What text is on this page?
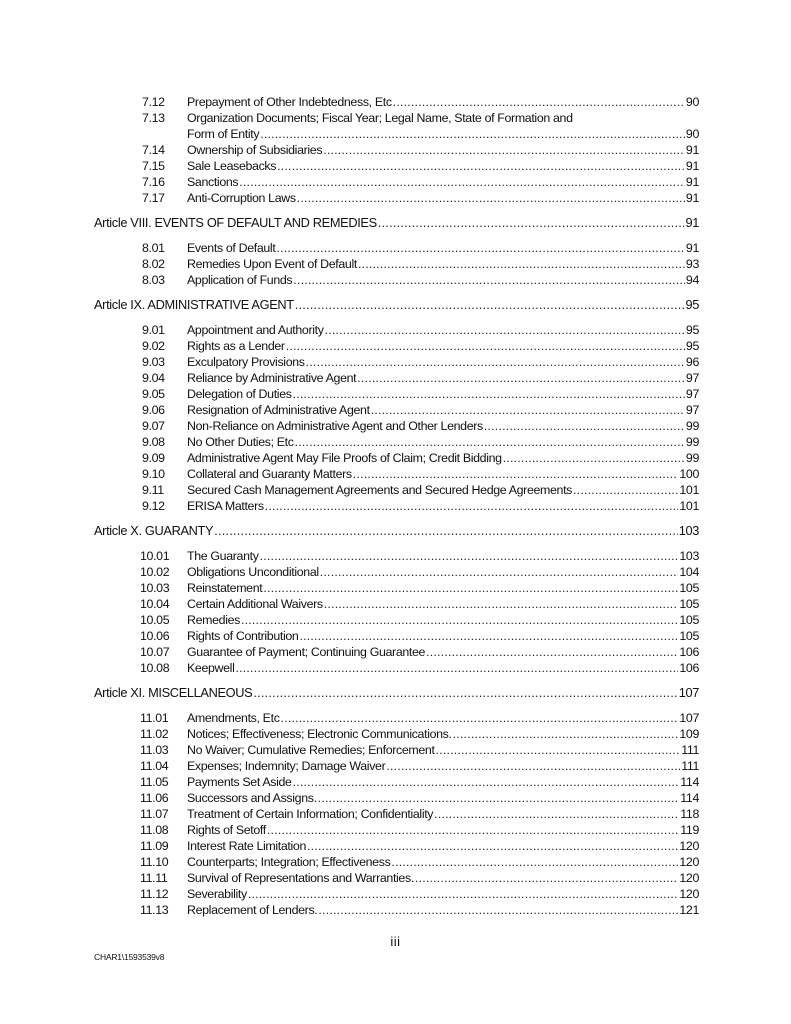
7.12	Prepayment of Other Indebtedness, Etc .....	90
7.13	Organization Documents; Fiscal Year; Legal Name, State of Formation and
Form of Entity .....	90
7.14	Ownership of Subsidiaries .....	91
7.15	Sale Leasebacks .....	91
7.16	Sanctions .....	91
7.17	Anti-Corruption Laws .....	91
Article VIII. EVENTS OF DEFAULT AND REMEDIES .....	91
8.01	Events of Default .....	91
8.02	Remedies Upon Event of Default .....	93
8.03	Application of Funds .....	94
Article IX. ADMINISTRATIVE AGENT .....	95
9.01	Appointment and Authority .....	95
9.02	Rights as a Lender .....	95
9.03	Exculpatory Provisions .....	96
9.04	Reliance by Administrative Agent .....	97
9.05	Delegation of Duties .....	97
9.06	Resignation of Administrative Agent .....	97
9.07	Non-Reliance on Administrative Agent and Other Lenders .....	99
9.08	No Other Duties; Etc .....	99
9.09	Administrative Agent May File Proofs of Claim; Credit Bidding .....	99
9.10	Collateral and Guaranty Matters .....	100
9.11	Secured Cash Management Agreements and Secured Hedge Agreements .....	101
9.12	ERISA Matters .....	101
Article X. GUARANTY .....	103
10.01	The Guaranty .....	103
10.02	Obligations Unconditional .....	104
10.03	Reinstatement .....	105
10.04	Certain Additional Waivers .....	105
10.05	Remedies .....	105
10.06	Rights of Contribution .....	105
10.07	Guarantee of Payment; Continuing Guarantee .....	106
10.08	Keepwell .....	106
Article XI. MISCELLANEOUS .....	107
11.01	Amendments, Etc .....	107
11.02	Notices; Effectiveness; Electronic Communications. .....	109
11.03	No Waiver; Cumulative Remedies; Enforcement .....	111
11.04	Expenses; Indemnity; Damage Waiver .....	111
11.05	Payments Set Aside .....	114
11.06	Successors and Assigns. .....	114
11.07	Treatment of Certain Information; Confidentiality .....	118
11.08	Rights of Setoff .....	119
11.09	Interest Rate Limitation .....	120
11.10	Counterparts; Integration; Effectiveness .....	120
11.11	Survival of Representations and Warranties. .....	120
11.12	Severability .....	120
11.13	Replacement of Lenders. .....	121
iii
CHAR1\1593539v8
